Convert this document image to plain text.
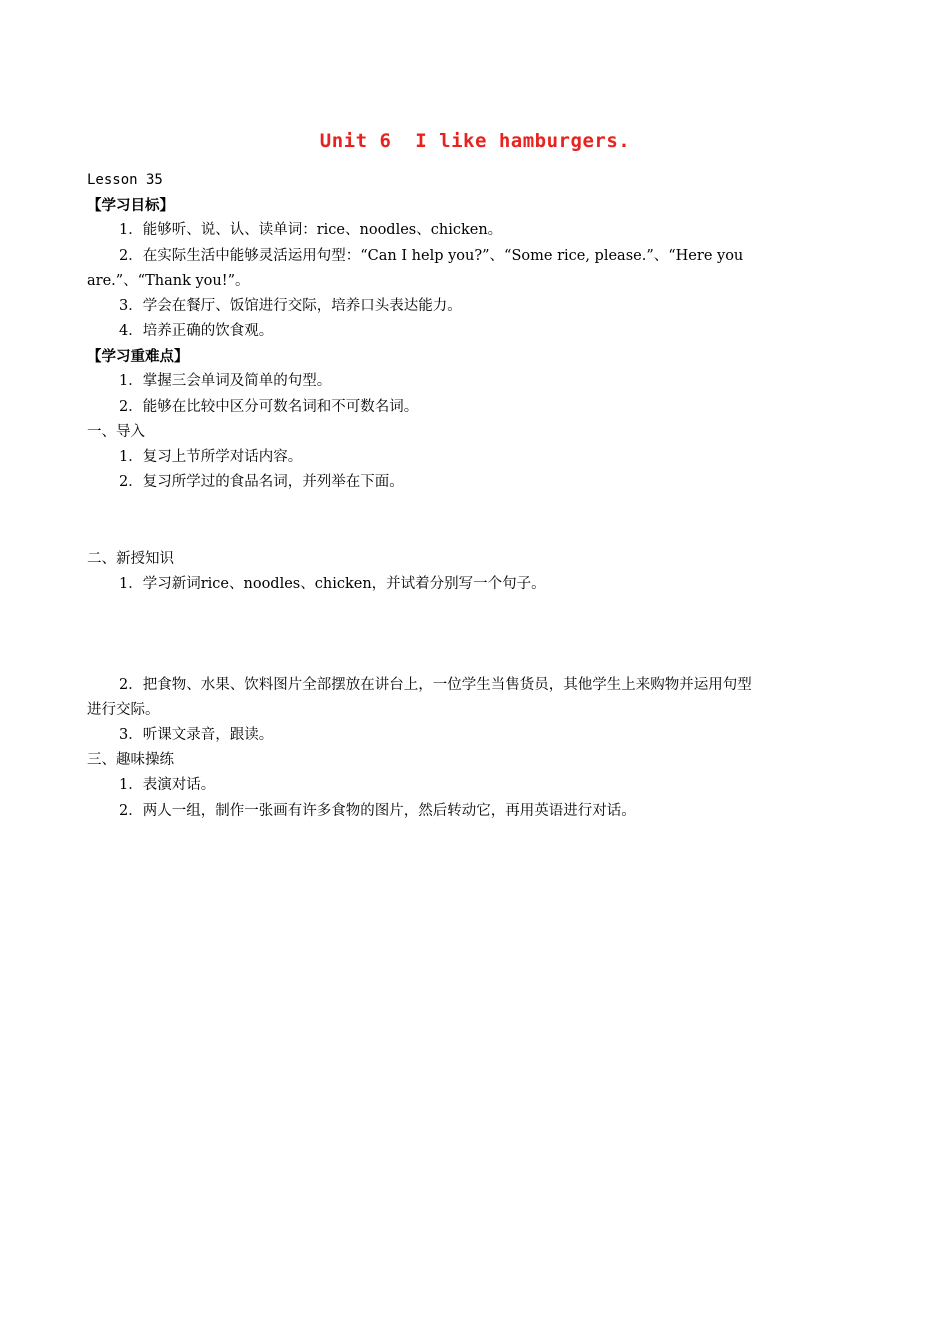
Unit 6  I like hamburgers.
Lesson 35
【学习目标】
1．能够听、说、认、读单词：rice、noodles、chicken。
2．在实际生活中能够灵活运用句型：“Can I help you?”、“Some rice, please.”、“Here you
are.”、“Thank you!”。
3．学会在餐厅、饭馆进行交际，培养口头表达能力。
4．培养正确的饮食观。
【学习重难点】
1．掌握三会单词及简单的句型。
2．能够在比较中区分可数名词和不可数名词。
一、导入
1．复习上节所学对话内容。
2．复习所学过的食品名词，并列举在下面。
二、新授知识
1．学习新词rice、noodles、chicken，并试着分别写一个句子。
2．把食物、水果、饮料图片全部摆放在讲台上，一位学生当售货员，其他学生上来购物并运用句型
进行交际。
3．听课文录音，跟读。
三、趣味操练
1．表演对话。
2．两人一组，制作一张画有许多食物的图片，然后转动它，再用英语进行对话。
